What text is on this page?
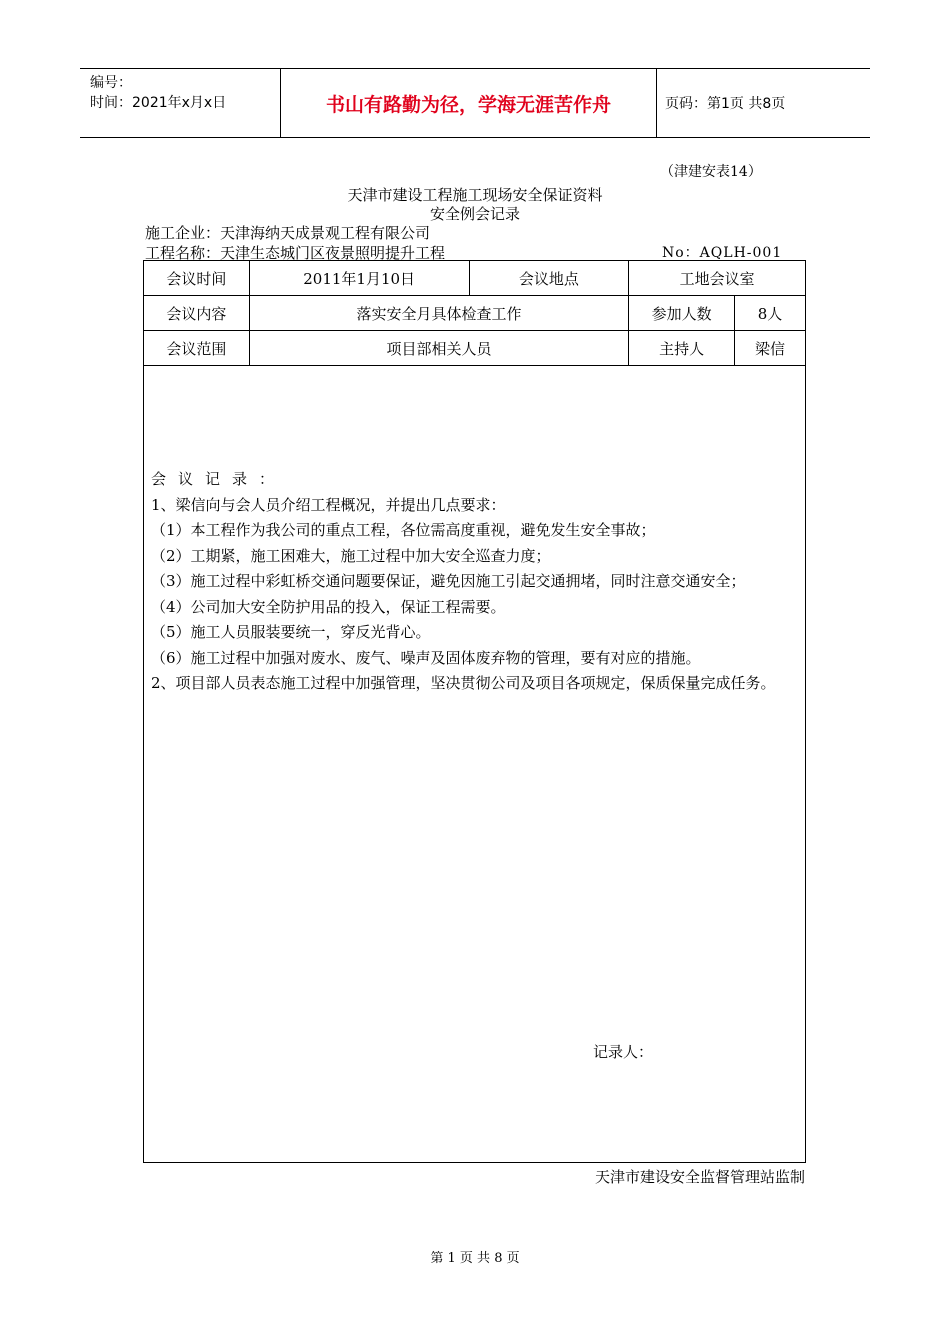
编号：
时间：2021年x月x日	书山有路勤为径，学海无涯苦作舟	页码：第1页 共8页
（津建安表14）
天津市建设工程施工现场安全保证资料
安全例会记录
施工企业：天津海纳天成景观工程有限公司
工程名称：天津生态城门区夜景照明提升工程	No：AQLH-001
会议时间	2011年1月10日	会议地点	工地会议室	
会议内容	落实安全月具体检查工作		参加人数	8人
会议范围	项目部相关人员		主持人	梁信
会议记录：
1、梁信向与会人员介绍工程概况，并提出几点要求：
（1）本工程作为我公司的重点工程，各位需高度重视，避免发生安全事故；
（2）工期紧，施工困难大，施工过程中加大安全巡查力度；
（3）施工过程中彩虹桥交通问题要保证，避免因施工引起交通拥堵，同时注意交通安全；
（4）公司加大安全防护用品的投入，保证工程需要。
（5）施工人员服装要统一，穿反光背心。
（6）施工过程中加强对废水、废气、噪声及固体废弃物的管理，要有对应的措施。
2、项目部人员表态施工过程中加强管理，坚决贯彻公司及项目各项规定，保质保量完成任务。
记录人：
天津市建设安全监督管理站监制
第 1 页 共 8 页
